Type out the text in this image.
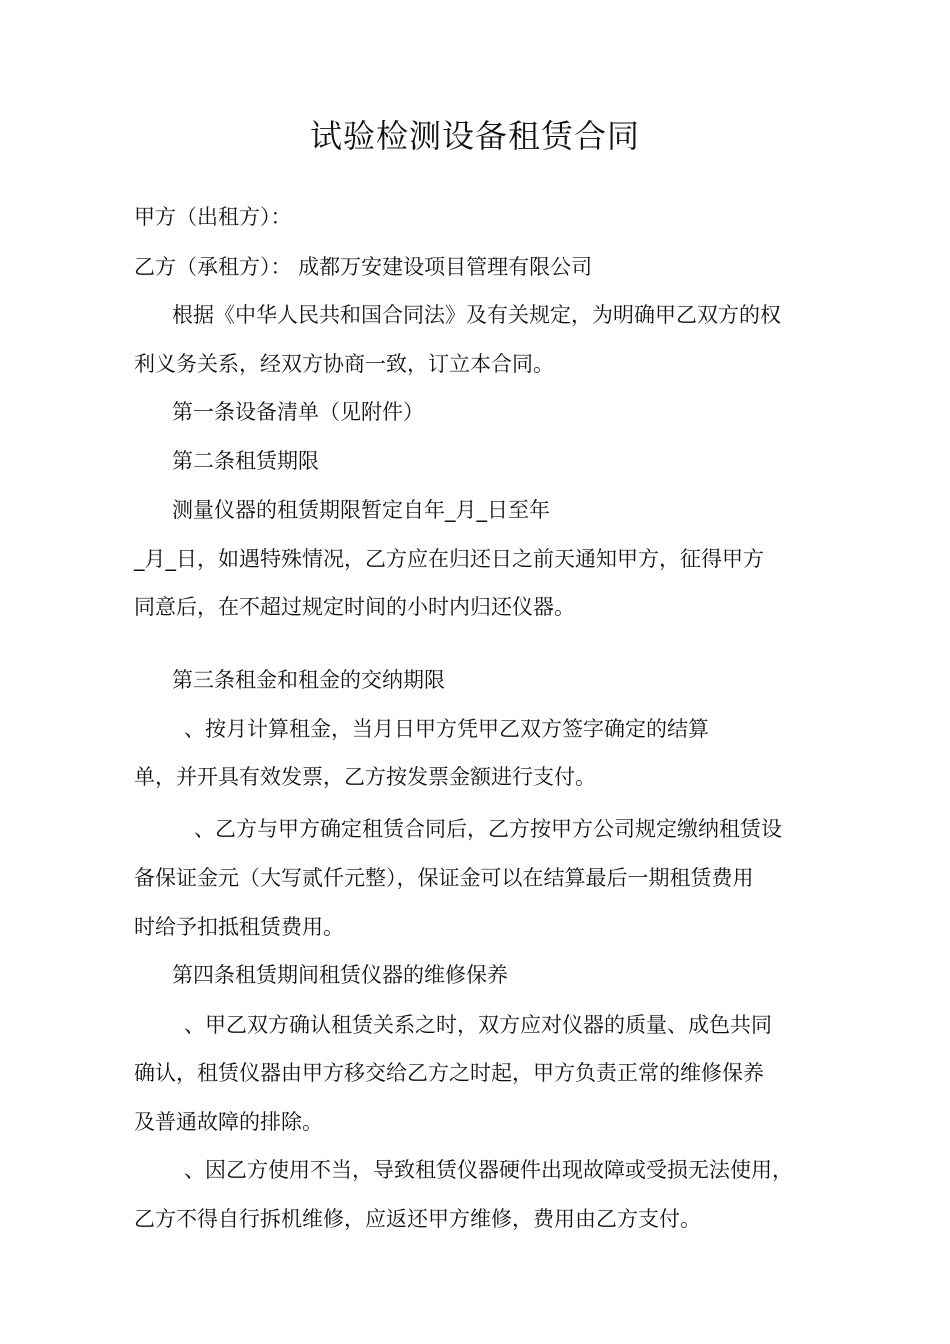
试验检测设备租赁合同

甲方（出租方）：

乙方（承租方）： 成都万安建设项目管理有限公司

根据《中华人民共和国合同法》及有关规定，为明确甲乙双方的权

利义务关系，经双方协商一致，订立本合同。

第一条设备清单（见附件）

第二条租赁期限

测量仪器的租赁期限暂定自年_月_日至年

_月_日，如遇特殊情况，乙方应在归还日之前天通知甲方，征得甲方

同意后，在不超过规定时间的小时内归还仪器。

第三条租金和租金的交纳期限

、按月计算租金，当月日甲方凭甲乙双方签字确定的结算

单，并开具有效发票，乙方按发票金额进行支付。

、乙方与甲方确定租赁合同后，乙方按甲方公司规定缴纳租赁设

备保证金元（大写贰仟元整），保证金可以在结算最后一期租赁费用

时给予扣抵租赁费用。

第四条租赁期间租赁仪器的维修保养

、甲乙双方确认租赁关系之时，双方应对仪器的质量、成色共同

确认，租赁仪器由甲方移交给乙方之时起，甲方负责正常的维修保养

及普通故障的排除。

、因乙方使用不当，导致租赁仪器硬件出现故障或受损无法使用，

乙方不得自行拆机维修，应返还甲方维修，费用由乙方支付。
